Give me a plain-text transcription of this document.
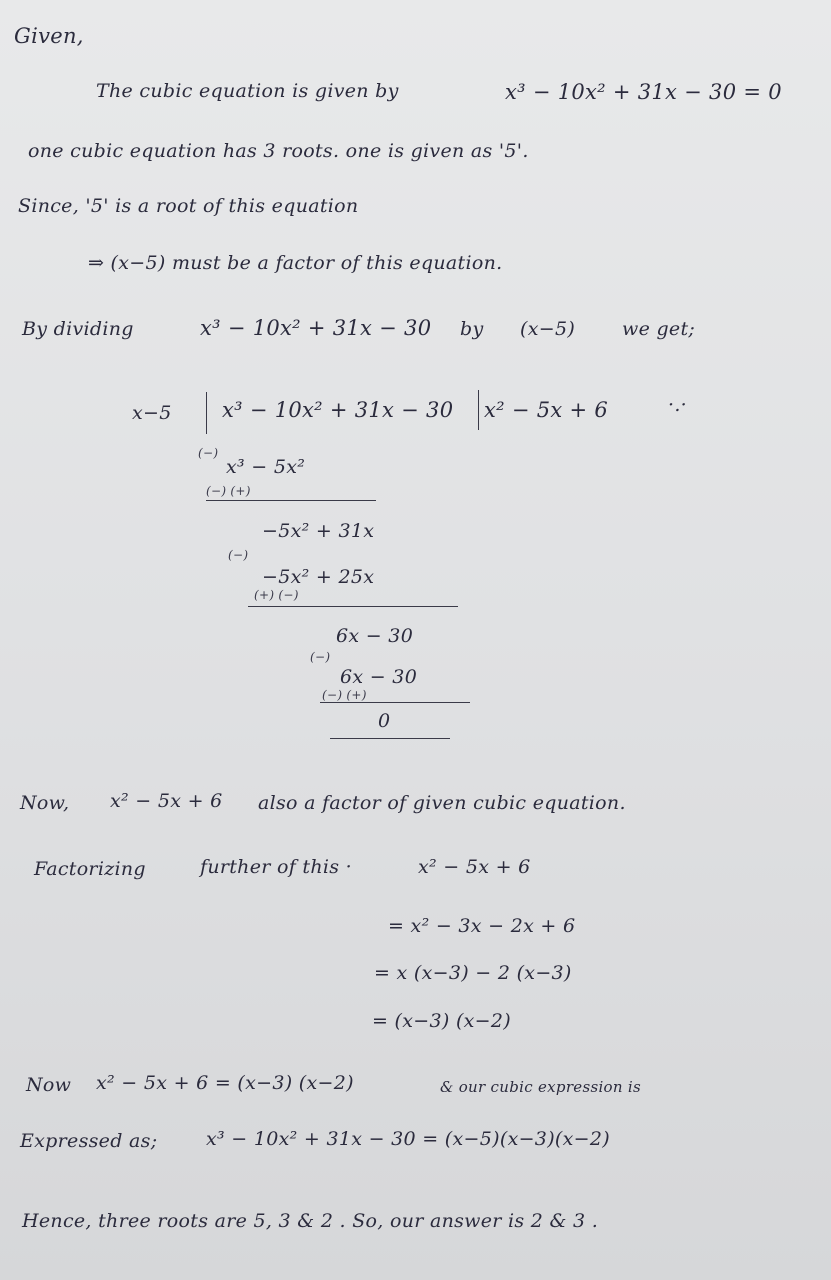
Given,
The cubic equation is given by	x³ − 10x² + 31x − 30 = 0
one cubic equation has 3 roots. one is given as '5'.
Since, '5' is a root of this equation
⇒ (x−5) must be a factor of this equation.
By dividing	x³ − 10x² + 31x − 30 by (x−5) we get;
x−5 x³ − 10x² + 31x − 30 x² − 5x + 6	·.·
(−)
x³ − 5x²
(−) (+)
−5x² + 31x
(−)
−5x² + 25x
(+) (−)
6x − 30
(−)
6x − 30
(−) (+)
0
Now, x² − 5x + 6 also a factor of given cubic equation.
Factorizing	further of this ·	x² − 5x + 6
= x² − 3x − 2x + 6
= x (x−3) − 2 (x−3)
= (x−3) (x−2)
Now x² − 5x + 6 = (x−3) (x−2)	& our cubic expression is
Expressed as;	x³ − 10x² + 31x − 30 = (x−5)(x−3)(x−2)
Hence, three roots are 5, 3 & 2 . So, our answer is 2 & 3 .
